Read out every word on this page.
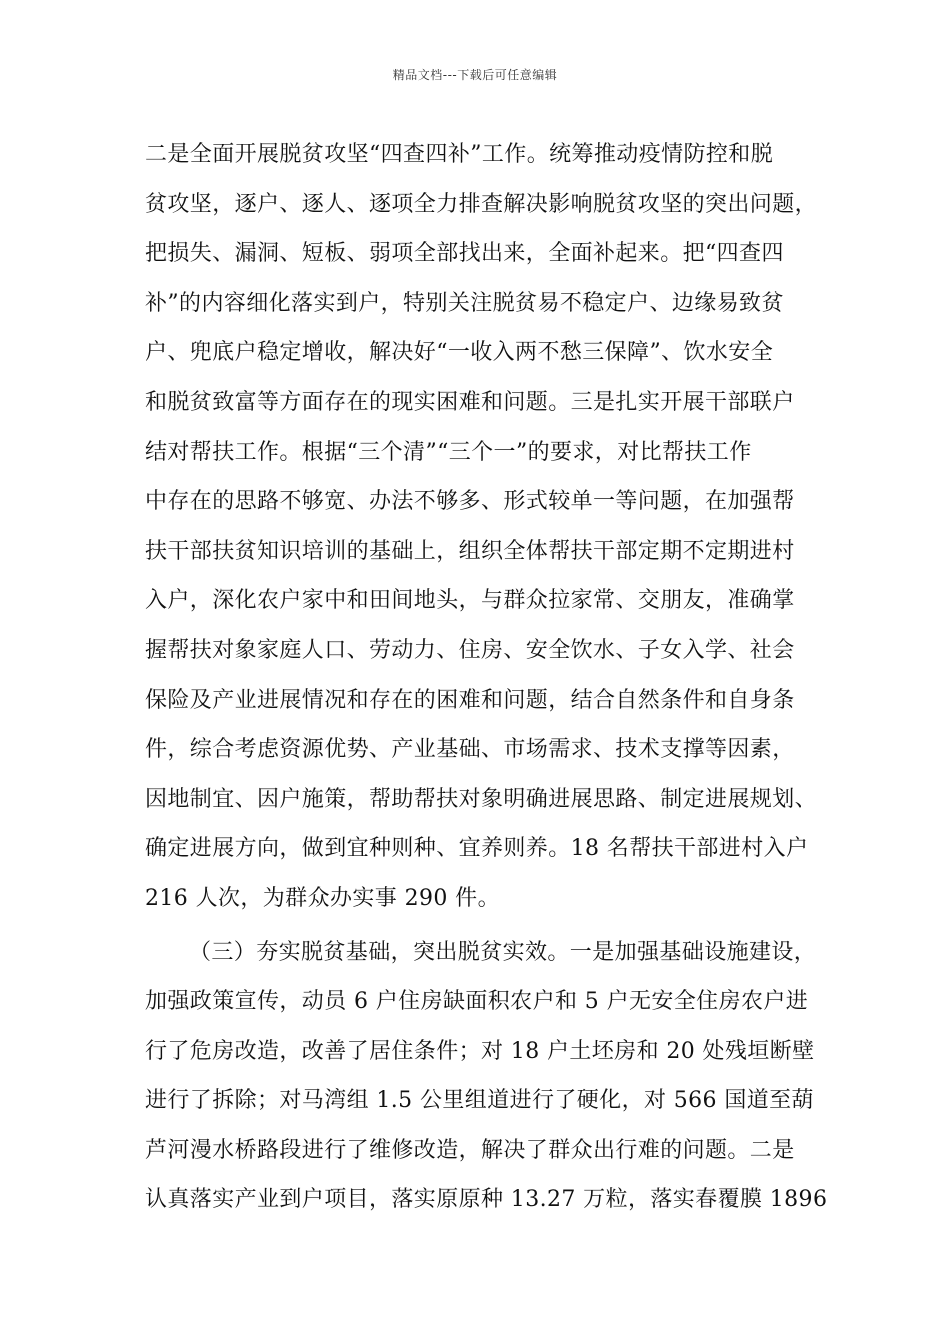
精品文档---下载后可任意编辑
二是全面开展脱贫攻坚“四查四补”工作。统筹推动疫情防控和脱
贫攻坚，逐户、逐人、逐项全力排查解决影响脱贫攻坚的突出问题，
把损失、漏洞、短板、弱项全部找出来，全面补起来。把“四查四
补”的内容细化落实到户，特别关注脱贫易不稳定户、边缘易致贫
户、兜底户稳定增收，解决好“一收入两不愁三保障”、饮水安全
和脱贫致富等方面存在的现实困难和问题。三是扎实开展干部联户
结对帮扶工作。根据“三个清”“三个一”的要求，对比帮扶工作
中存在的思路不够宽、办法不够多、形式较单一等问题，在加强帮
扶干部扶贫知识培训的基础上，组织全体帮扶干部定期不定期进村
入户，深化农户家中和田间地头，与群众拉家常、交朋友，准确掌
握帮扶对象家庭人口、劳动力、住房、安全饮水、子女入学、社会
保险及产业进展情况和存在的困难和问题，结合自然条件和自身条
件，综合考虑资源优势、产业基础、市场需求、技术支撑等因素，
因地制宜、因户施策，帮助帮扶对象明确进展思路、制定进展规划、
确定进展方向，做到宜种则种、宜养则养。18 名帮扶干部进村入户
216 人次，为群众办实事 290 件。
（三）夯实脱贫基础，突出脱贫实效。一是加强基础设施建设，
加强政策宣传，动员 6 户住房缺面积农户和 5 户无安全住房农户进
行了危房改造，改善了居住条件；对 18 户土坯房和 20 处残垣断壁
进行了拆除；对马湾组 1.5 公里组道进行了硬化，对 566 国道至葫
芦河漫水桥路段进行了维修改造，解决了群众出行难的问题。二是
认真落实产业到户项目，落实原原种 13.27 万粒，落实春覆膜 1896
